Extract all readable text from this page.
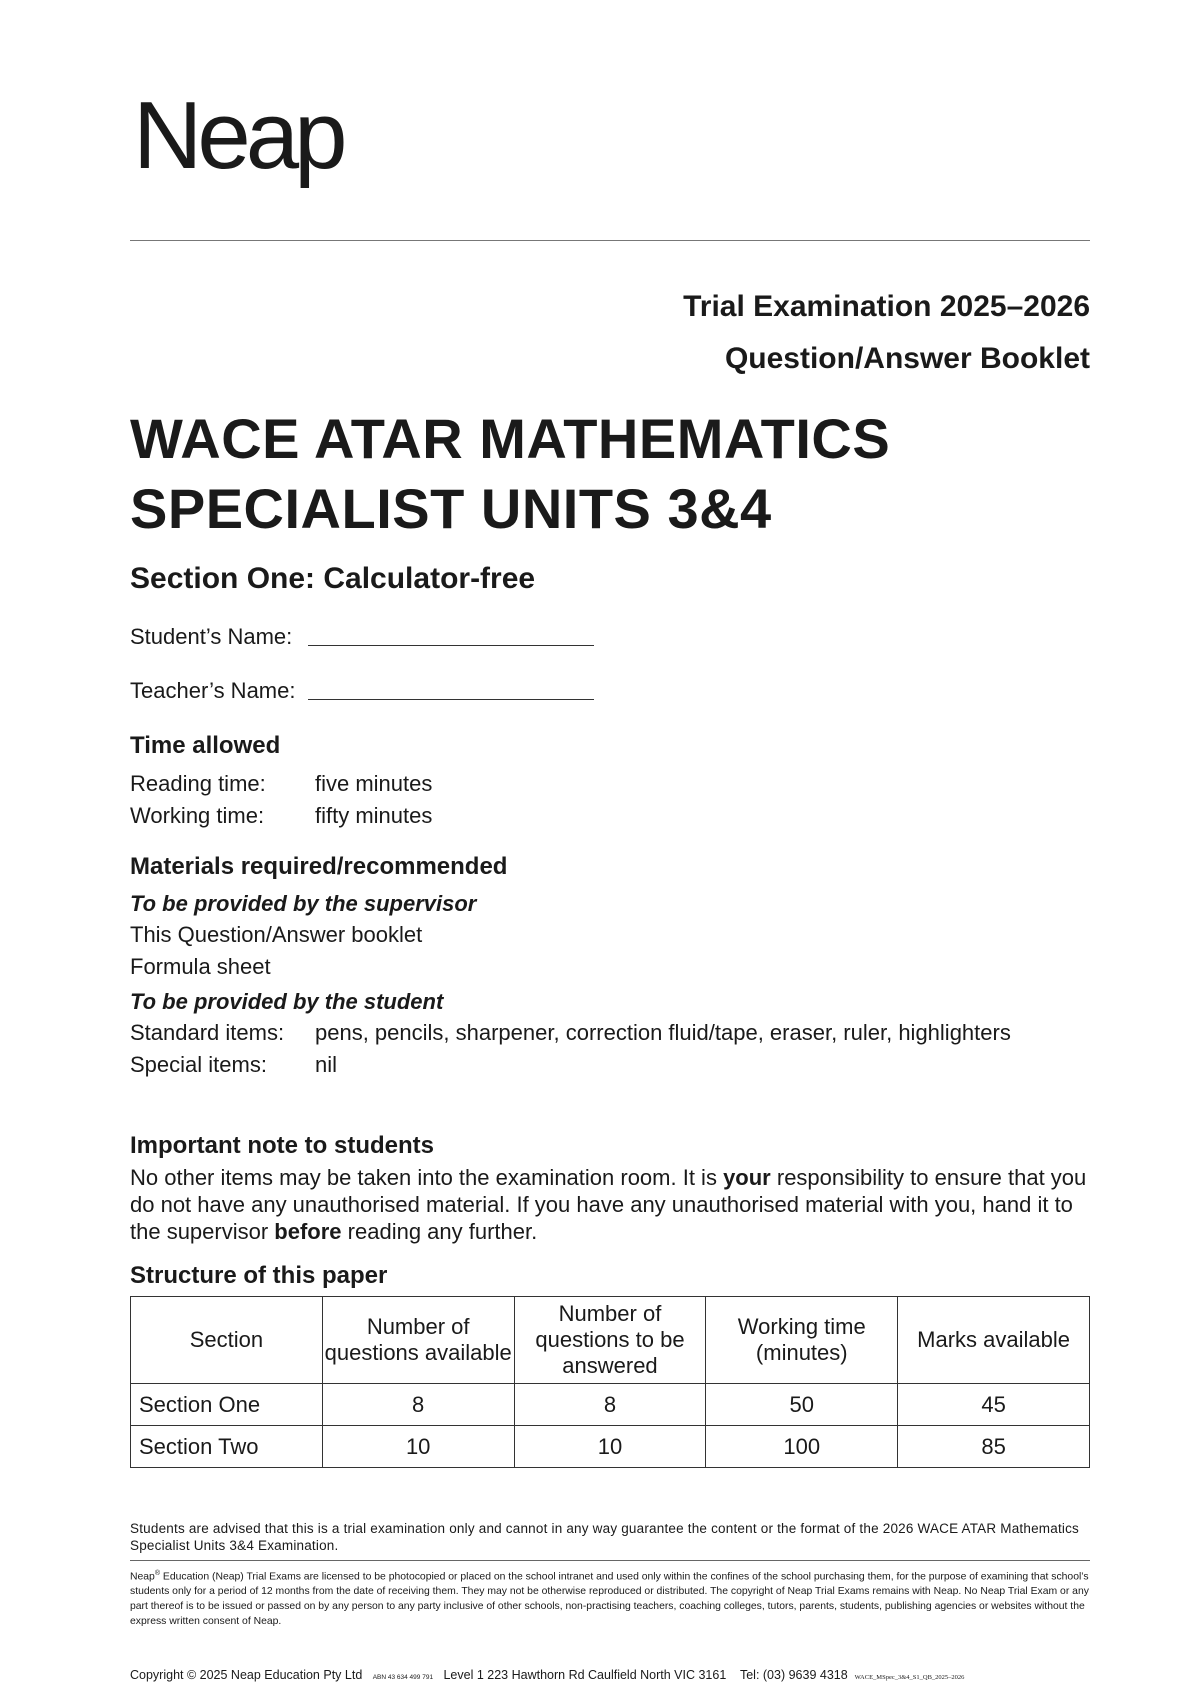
Neap
Trial Examination 2025–2026
Question/Answer Booklet
WACE ATAR MATHEMATICS
SPECIALIST UNITS 3&4
Section One: Calculator-free
Student’s Name:
Teacher’s Name:
Time allowed
Reading time:	five minutes
Working time:	fifty minutes
Materials required/recommended
To be provided by the supervisor
This Question/Answer booklet
Formula sheet
To be provided by the student
Standard items:	pens, pencils, sharpener, correction fluid/tape, eraser, ruler, highlighters
Special items:	nil
Important note to students
No other items may be taken into the examination room. It is your responsibility to ensure that you do not have any unauthorised material. If you have any unauthorised material with you, hand it to the supervisor before reading any further.
Structure of this paper
Section	Number of questions available	Number of questions to be answered	Working time (minutes)	Marks available
Section One	8	8	50	45
Section Two	10	10	100	85
Students are advised that this is a trial examination only and cannot in any way guarantee the content or the format of the 2026 WACE ATAR Mathematics Specialist Units 3&4 Examination.
Neap® Education (Neap) Trial Exams are licensed to be photocopied or placed on the school intranet and used only within the confines of the school purchasing them, for the purpose of examining that school’s students only for a period of 12 months from the date of receiving them. They may not be otherwise reproduced or distributed. The copyright of Neap Trial Exams remains with Neap. No Neap Trial Exam or any part thereof is to be issued or passed on by any person to any party inclusive of other schools, non-practising teachers, coaching colleges, tutors, parents, students, publishing agencies or websites without the express written consent of Neap.
Copyright © 2025 Neap Education Pty Ltd ABN 43 634 499 791 Level 1 223 Hawthorn Rd Caulfield North VIC 3161 Tel: (03) 9639 4318 WACE_MSpec_3&4_S1_QB_2025–2026
